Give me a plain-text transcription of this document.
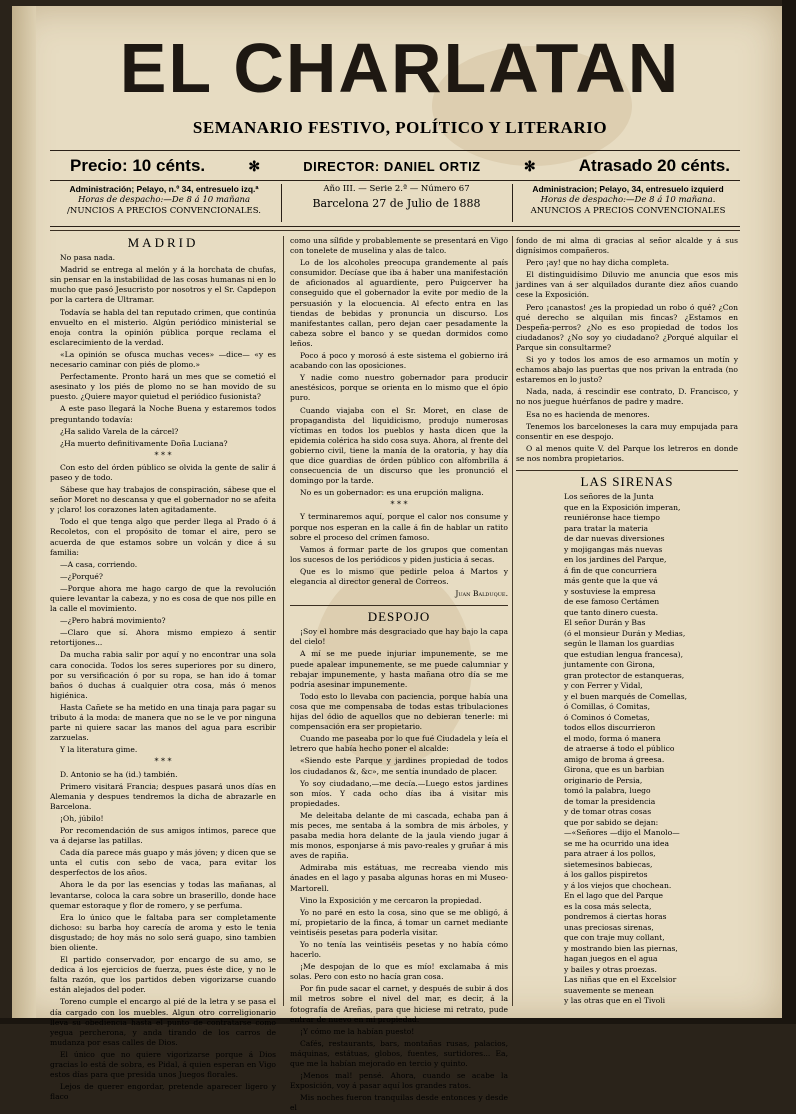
EL CHARLATAN
SEMANARIO FESTIVO, POLÍTICO Y LITERARIO
Precio: 10 cénts.	✻	DIRECTOR: DANIEL ORTIZ	✻	Atrasado 20 cénts.
Administración; Pelayo, n.º 34, entresuelo izq.ª
Horas de despacho:—De 8 á 10 mañana
/NUNCIOS A PRECIOS CONVENCIONALES.
Año III. — Serie 2.ª — Número 67
Barcelona 27 de Julio de 1888
Administracion; Pelayo, 34, entresuelo izquierd
Horas de despacho:—De 8 á 10 mañana.
ANUNCIOS A PRECIOS CONVENCIONALES
MADRID

No pasa nada.

Madrid se entrega al melón y á la horchata de chufas, sin pensar en la instabilidad de las cosas humanas ni en lo mucho que pasó Jesucristo por nosotros y el Sr. Capdepon por la cartera de Ultramar.

Todavía se habla del tan reputado crimen, que continúa envuelto en el misterio. Algún periódico ministerial se enoja contra la opinión pública porque reclama el esclarecimiento de la verdad.

«La opinión se ofusca muchas veces» —dice— «y es necesario caminar con piés de plomo.»

Perfectamente. Pronto hará un mes que se cometió el asesinato y los piés de plomo no se han movido de su puesto. ¿Quiere mayor quietud el periódico fusionista?

A este paso llegará la Noche Buena y estaremos todos preguntando todavía:

¿Ha salido Varela de la cárcel?

¿Ha muerto definitivamente Doña Luciana?

* * *

Con esto del órden público se olvida la gente de salir á paseo y de todo.

Sábese que hay trabajos de conspiración, sábese que el señor Moret no descansa y que el gobernador no se afeita y ¡claro! los corazones laten agitadamente.

Todo el que tenga algo que perder llega al Prado ó á Recoletos, con el propósito de tomar el aire, pero se acuerda de que estamos sobre un volcán y dice á su familia:

—A casa, corriendo.

—¿Porqué?

—Porque ahora me hago cargo de que la revolución quiere levantar la cabeza, y no es cosa de que nos pille en la calle el movimiento.

—¿Pero habrá movimiento?

—Claro que sí. Ahora mismo empiezo á sentir retortijones...

Da mucha rabia salir por aquí y no encontrar una sola cara conocida. Todos los seres superiores por su dinero, por su versificación ó por su ropa, se han ido á tomar baños ó duchas á cualquier otra cosa, más ó menos higiénica.

Hasta Cañete se ha metido en una tinaja para pagar su tributo á la moda: de manera que no se le ve por ninguna parte ni quiere sacar las manos del agua para escribir zarzuelas.

Y la literatura gime.

* * *

D. Antonio se ha (id.) también.

Primero visitará Francia; despues pasará unos días en Alemania y despues tendremos la dicha de abrazarle en Barcelona.

¡Oh, júbilo!

Por recomendación de sus amigos íntimos, parece que va á dejarse las patillas.

Cada día parece más guapo y más jóven; y dicen que se unta el cutis con sebo de vaca, para evitar los desperfectos de los años.

Ahora le da por las esencias y todas las mañanas, al levantarse, coloca la cara sobre un braserillo, donde hace quemar estoraque y flor de romero, y se perfuma.

Era lo único que le faltaba para ser completamente dichoso: su barba hoy carecía de aroma y esto le tenia disgustado; de hoy más no solo será guapo, sino tambien bien oliente.

El partido conservador, por encargo de su amo, se dedica á los ejercicios de fuerza, pues éste dice, y no le falta razón, que los partidos deben vigorizarse cuando están alejados del poder.

Toreno cumple el encargo al pié de la letra y se pasa el día cargado con los muebles. Algun otro correligionario lleva su obediencia hasta el punto de contratarse como yegua percherona, y anda tirando de los carros de mudanza por esas calles de Dios.

El único que no quiere vigorizarse porque á Dios gracias lo está de sobra, es Pidal, á quien esperan en Vigo estos días para que presida unos Juegos florales.

Lejos de querer engordar, pretende aparecer ligero y flaco

como una sílfide y probablemente se presentará en Vigo con tonelete de muselina y alas de talco.

Lo de los alcoholes preocupa grandemente al país consumidor. Decíase que iba á haber una manifestación de aficionados al aguardiente, pero Puigcerver ha conseguido que el gobernador la evite por medio de la persuasión y la elocuencia. Al efecto entra en las tiendas de bebidas y pronuncia un discurso. Los manifestantes callan, pero dejan caer pesadamente la cabeza sobre el banco y se quedan dormidos como leños.

Poco á poco y morosó á este sistema el gobierno irá acabando con las oposiciones.

Y nadie como nuestro gobernador para producir anestésicos, porque se orienta en lo mismo que el ópio puro.

Cuando viajaba con el Sr. Moret, en clase de propagandista del liquidicismo, produjo numerosas víctimas en todos los pueblos y hasta dicen que la epidemia colérica ha sido cosa suya. Ahora, al frente del gobierno civil, tiene la manía de la oratoria, y hay día que dice guardias de órden público con alfombrilla á consecuencia de un discurso que les pronunció el domingo por la tarde.

No es un gobernador: es una erupción maligna.

* * *

Y terminaremos aquí, porque el calor nos consume y porque nos esperan en la calle á fin de hablar un ratito sobre el proceso del crímen famoso.

Vamos á formar parte de los grupos que comentan los sucesos de los periódicos y piden justicia á secas.

Que es lo mismo que pedirle peloa á Martos y elegancia al director general de Correos.

Juan Balduque.

DESPOJO

¡Soy el hombre más desgraciado que hay bajo la capa del cielo!

A mí se me puede injuriar impunemente, se me puede apalear impunemente, se me puede calumniar y rebajar impunemente, y hasta mañana otro día se me podría asesinar impunemente.

Todo esto lo llevaba con paciencia, porque había una cosa que me compensaba de todas estas tribulaciones hijas del ódio de aquellos que no debieran tenerle: mi compensación era ser propietario.

Cuando me paseaba por lo que fué Ciudadela y leía el letrero que había hecho poner el alcalde:

«Siendo este Parque y jardines propiedad de todos los ciudadanos &, &c», me sentía inundado de placer.

Yo soy ciudadano,—me decía.—Luego estos jardines son míos. Y cada ocho días iba á visitar mis propiedades.

Me deleitaba delante de mi cascada, echaba pan á mis peces, me sentaba á la sombra de mis árboles, y pasaba media hora delante de la jaula viendo jugar á mis monos, esponjarse á mis pavo-reales y gruñar á mis aves de rapiña.

Admiraba mis estátuas, me recreaba viendo mis ánades en el lago y pasaba algunas horas en mi Museo-Martorell.

Vino la Exposición y me cercaron la propiedad.

Yo no paré en esto la cosa, sino que se me obligó, á mí, propietario de la finca, á tomar un carnet mediante veintiséis pesetas para poderla visitar.

Yo no tenía las veintiséis pesetas y no había cómo hacerlo.

¡Me despojan de lo que es mío! exclamaba á mis solas. Pero con esto no hacía gran cosa.

Por fin pude sacar el carnet, y después de subir á dos mil metros sobre el nivel del mar, es decir, á la fotografía de Areñas, para que hiciese mi retrato, pude entrar de nuevo en mi propiedad.

¡Y cómo me la habían puesto!

Cafés, restaurants, bars, montañas rusas, palacios, máquinas, estátuas, globos, fuentes, surtidores... Ea, que me la habían mejorado en tercio y quinto.

¡Menos mal! pensé. Ahora, cuando se acabe la Exposición, voy á pasar aquí los grandes ratos.

Mis noches fueron tranquilas desde entonces y desde el

fondo de mi alma di gracias al señor alcalde y á sus dignísimos compañeros.

Pero ¡ay! que no hay dicha completa.

El distinguidísimo Diluvio me anuncia que esos mis jardines van á ser alquilados durante diez años cuando cese la Exposición.

Pero ¡canastos! ¿es la propiedad un robo ó qué? ¿Con qué derecho se alquilan mis fincas? ¿Estamos en Despeña-perros? ¿No es eso propiedad de todos los ciudadanos? ¿No soy yo ciudadano? ¿Porqué alquilar el Parque sin consultarme?

Si yo y todos los amos de eso armamos un motín y echamos abajo las puertas que nos privan la entrada (no estaremos en lo justo?

Nada, nada, á rescindir ese contrato, D. Francisco, y no nos juegue huérfanos de padre y madre.

Esa no es hacienda de menores.

Tenemos los barceloneses la cara muy empujada para consentir en ese despojo.

O al menos quite V. del Parque los letreros en donde se nos nombra propietarios.

LAS SIRENAS
Los señores de la Junta
que en la Exposición imperan,
reuniéronse hace tiempo
para tratar la materia
de dar nuevas diversiones
y mojigangas más nuevas
en los jardines del Parque,
á fin de que concurriera
más gente que la que vá
y sostuviese la empresa
de ese famoso Certámen
que tanto dinero cuesta.
El señor Durán y Bas
(ó el monsieur Durán y Medias,
según le llaman los guardias
que estudian lengua francesa),
juntamente con Girona,
gran protector de estanqueras,
y con Ferrer y Vidal,
y el buen marqués de Comellas,
ó Comillas, ó Comitas,
ó Cominos ó Cometas,
todos ellos discurrieron
el modo, forma ó manera
de atraerse á todo el público
amigo de broma á greesa.
Girona, que es un barbian
originario de Persia,
tomó la palabra, luego
de tomar la presidencia
y de tomar otras cosas
que por sabido se dejan:
—«Señores —dijo el Manolo—
se me ha ocurrido una idea
para atraer á los pollos,
sietemesinos babiecas,
á los gallos pispiretos
y á los viejos que chochean.
En el lago que del Parque
es la cosa más selecta,
pondremos á ciertas horas
unas preciosas sirenas,
que con traje muy collant,
y mostrando bien las piernas,
hagan juegos en el agua
y bailes y otras proezas.
Las niñas que en el Excelsior
suavemente se menean
y las otras que en el Tivoli
